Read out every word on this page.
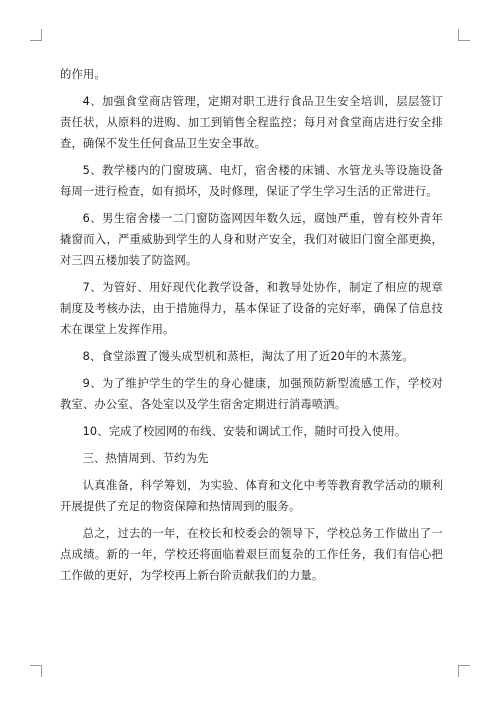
的作用。

4、加强食堂商店管理，定期对职工进行食品卫生安全培训，层层签订责任状，从原料的进购、加工到销售全程监控；每月对食堂商店进行安全排查，确保不发生任何食品卫生安全事故。

5、教学楼内的门窗玻璃、电灯，宿舍楼的床铺、水管龙头等设施设备每周一进行检查，如有损坏，及时修理，保证了学生学习生活的正常进行。

6、男生宿舍楼一二门窗防盗网因年数久远，腐蚀严重，曾有校外青年撬窗而入，严重威胁到学生的人身和财产安全，我们对破旧门窗全部更换，对三四五楼加装了防盗网。

7、为管好、用好现代化教学设备，和教导处协作，制定了相应的规章制度及考核办法，由于措施得力，基本保证了设备的完好率，确保了信息技术在课堂上发挥作用。

8、食堂添置了馒头成型机和蒸柜，淘汰了用了近20年的木蒸笼。

9、为了维护学生的学生的身心健康，加强预防新型流感工作，学校对教室、办公室、各处室以及学生宿舍定期进行消毒喷洒。

10、完成了校园网的布线、安装和调试工作，随时可投入使用。

三、热情周到、节约为先

认真准备，科学筹划，为实验、体育和文化中考等教育教学活动的顺利开展提供了充足的物资保障和热情周到的服务。

总之，过去的一年，在校长和校委会的领导下，学校总务工作做出了一点成绩。新的一年，学校还将面临着艰巨而复杂的工作任务，我们有信心把工作做的更好，为学校再上新台阶贡献我们的力量。
